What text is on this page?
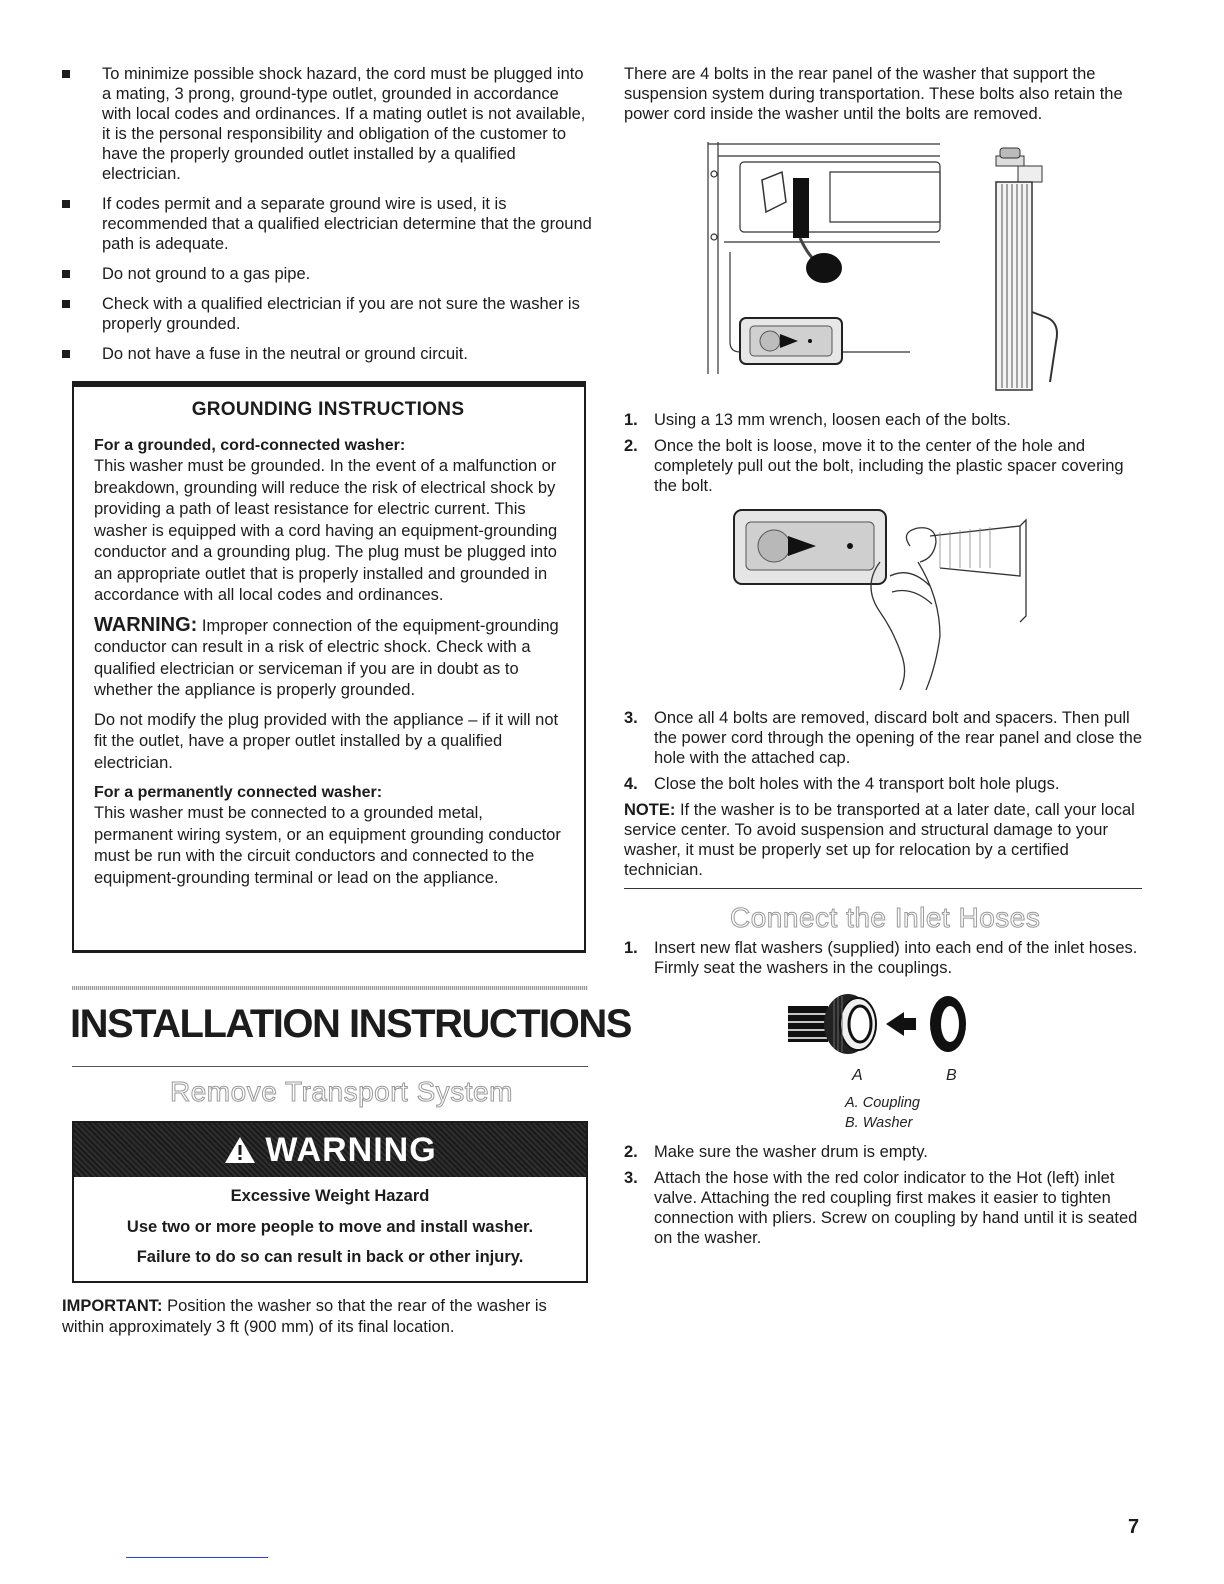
To minimize possible shock hazard, the cord must be plugged into a mating, 3 prong, ground-type outlet, grounded in accordance with local codes and ordinances. If a mating outlet is not available, it is the personal responsibility and obligation of the customer to have the properly grounded outlet installed by a qualified electrician.
If codes permit and a separate ground wire is used, it is recommended that a qualified electrician determine that the ground path is adequate.
Do not ground to a gas pipe.
Check with a qualified electrician if you are not sure the washer is properly grounded.
Do not have a fuse in the neutral or ground circuit.
GROUNDING INSTRUCTIONS
For a grounded, cord-connected washer:

This washer must be grounded. In the event of a malfunction or breakdown, grounding will reduce the risk of electrical shock by providing a path of least resistance for electric current. This washer is equipped with a cord having an equipment-grounding conductor and a grounding plug. The plug must be plugged into an appropriate outlet that is properly installed and grounded in accordance with all local codes and ordinances.

WARNING: Improper connection of the equipment-grounding conductor can result in a risk of electric shock. Check with a qualified electrician or serviceman if you are in doubt as to whether the appliance is properly grounded.

Do not modify the plug provided with the appliance – if it will not fit the outlet, have a proper outlet installed by a qualified electrician.

For a permanently connected washer:

This washer must be connected to a grounded metal, permanent wiring system, or an equipment grounding conductor must be run with the circuit conductors and connected to the equipment-grounding terminal or lead on the appliance.

INSTALLATION INSTRUCTIONS
Remove Transport System
WARNING
Excessive Weight Hazard
Use two or more people to move and install washer.
Failure to do so can result in back or other injury.

IMPORTANT: Position the washer so that the rear of the washer is within approximately 3 ft (900 mm) of its final location.

There are 4 bolts in the rear panel of the washer that support the suspension system during transportation. These bolts also retain the power cord inside the washer until the bolts are removed.

1. Using a 13 mm wrench, loosen each of the bolts.
2. Once the bolt is loose, move it to the center of the hole and completely pull out the bolt, including the plastic spacer covering the bolt.
3. Once all 4 bolts are removed, discard bolt and spacers. Then pull the power cord through the opening of the rear panel and close the hole with the attached cap.
4. Close the bolt holes with the 4 transport bolt hole plugs.

NOTE: If the washer is to be transported at a later date, call your local service center. To avoid suspension and structural damage to your washer, it must be properly set up for relocation by a certified technician.

Connect the Inlet Hoses
1. Insert new flat washers (supplied) into each end of the inlet hoses. Firmly seat the washers in the couplings.
A	B
A. Coupling
B. Washer
2. Make sure the washer drum is empty.
3. Attach the hose with the red color indicator to the Hot (left) inlet valve. Attaching the red coupling first makes it easier to tighten connection with pliers. Screw on coupling by hand until it is seated on the washer.
7
